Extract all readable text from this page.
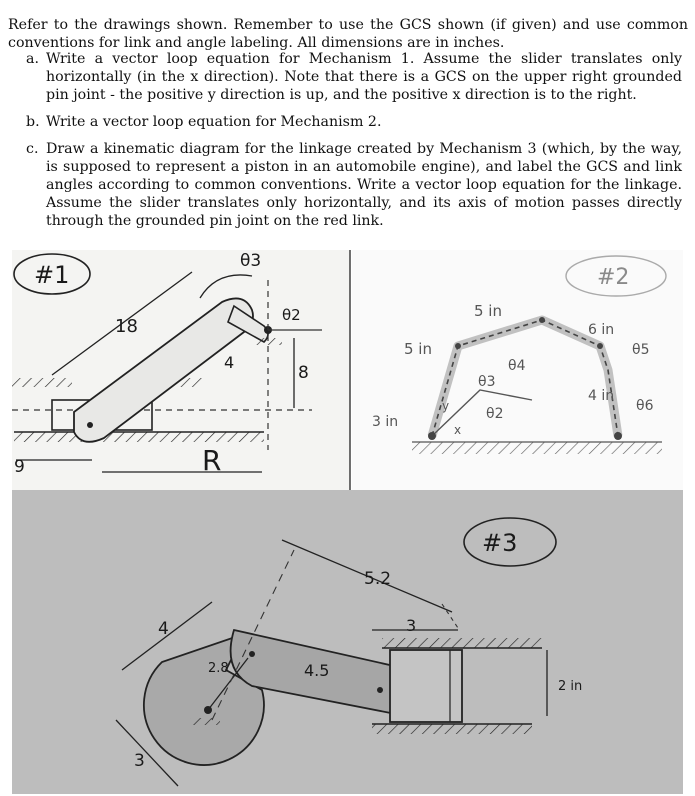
Refer to the drawings shown. Remember to use the GCS shown (if given) and use common conventions for link and angle labeling. All dimensions are in inches.

a. Write a vector loop equation for Mechanism 1. Assume the slider translates only horizontally (in the x direction). Note that there is a GCS on the upper right grounded pin joint - the positive y direction is up, and the positive x direction is to the right.
b. Write a vector loop equation for Mechanism 2.
c. Draw a kinematic diagram for the linkage created by Mechanism 3 (which, by the way, is supposed to represent a piston in an automobile engine), and label the GCS and link angles according to common conventions. Write a vector loop equation for the linkage. Assume the slider translates only horizontally, and its axis of motion passes directly through the grounded pin joint on the red link.
#1
18
θ3
θ2
4
8
9	R
#2
5 in
5 in
6 in
3 in
4 in
θ4
θ3
θ2
θ5
θ6
x
y
#3
5.2
3
4
2.8	4.5
3
2 in
